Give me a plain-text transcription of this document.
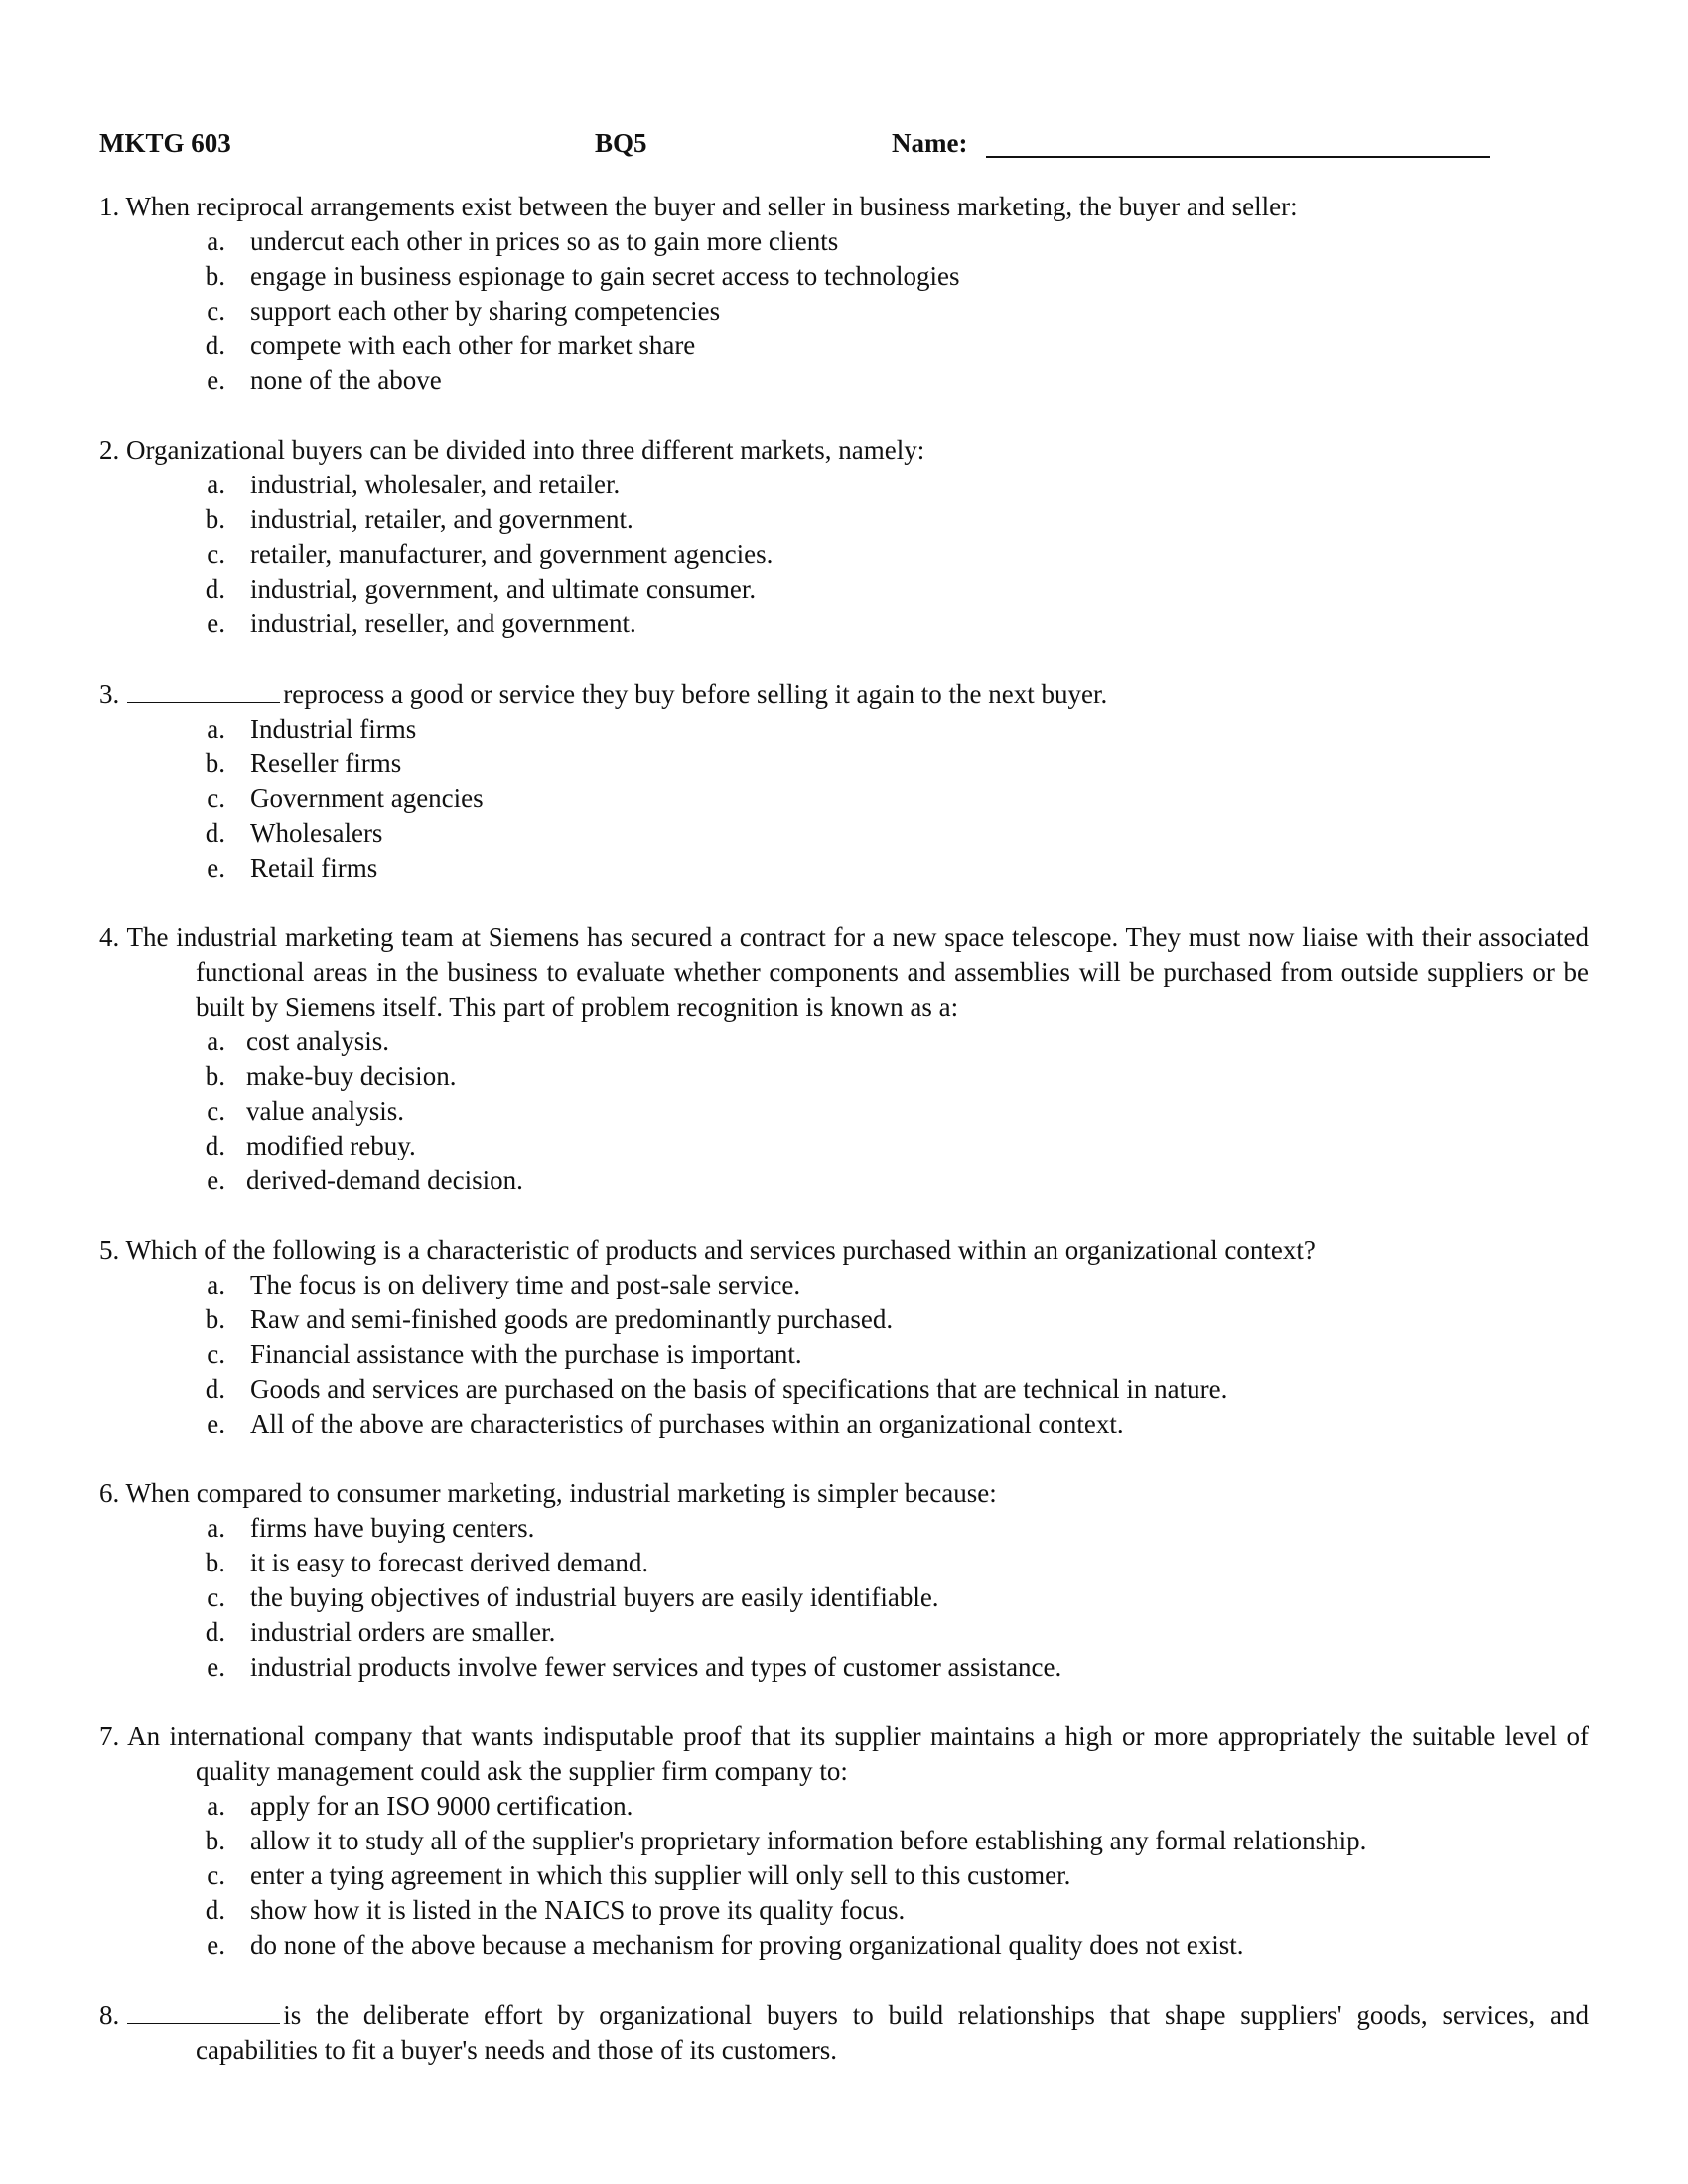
MKTG 603	BQ5	Name:
1. When reciprocal arrangements exist between the buyer and seller in business marketing, the buyer and seller:
a. undercut each other in prices so as to gain more clients
b. engage in business espionage to gain secret access to technologies
c. support each other by sharing competencies
d. compete with each other for market share
e. none of the above
2. Organizational buyers can be divided into three different markets, namely:
a. industrial, wholesaler, and retailer.
b. industrial, retailer, and government.
c. retailer, manufacturer, and government agencies.
d. industrial, government, and ultimate consumer.
e. industrial, reseller, and government.
3.	reprocess a good or service they buy before selling it again to the next buyer.
a. Industrial firms
b. Reseller firms
c. Government agencies
d. Wholesalers
e. Retail firms
4. The industrial marketing team at Siemens has secured a contract for a new space telescope. They must now liaise with their associated functional areas in the business to evaluate whether components and assemblies will be purchased from outside suppliers or be built by Siemens itself. This part of problem recognition is known as a:
a. cost analysis.
b. make-buy decision.
c. value analysis.
d. modified rebuy.
e. derived-demand decision.
5. Which of the following is a characteristic of products and services purchased within an organizational context?
a. The focus is on delivery time and post-sale service.
b. Raw and semi-finished goods are predominantly purchased.
c. Financial assistance with the purchase is important.
d. Goods and services are purchased on the basis of specifications that are technical in nature.
e. All of the above are characteristics of purchases within an organizational context.
6. When compared to consumer marketing, industrial marketing is simpler because:
a. firms have buying centers.
b. it is easy to forecast derived demand.
c. the buying objectives of industrial buyers are easily identifiable.
d. industrial orders are smaller.
e. industrial products involve fewer services and types of customer assistance.
7. An international company that wants indisputable proof that its supplier maintains a high or more appropriately the suitable level of quality management could ask the supplier firm company to:
a. apply for an ISO 9000 certification.
b. allow it to study all of the supplier's proprietary information before establishing any formal relationship.
c. enter a tying agreement in which this supplier will only sell to this customer.
d. show how it is listed in the NAICS to prove its quality focus.
e. do none of the above because a mechanism for proving organizational quality does not exist.
8.	is the deliberate effort by organizational buyers to build relationships that shape suppliers' goods, services, and capabilities to fit a buyer's needs and those of its customers.
